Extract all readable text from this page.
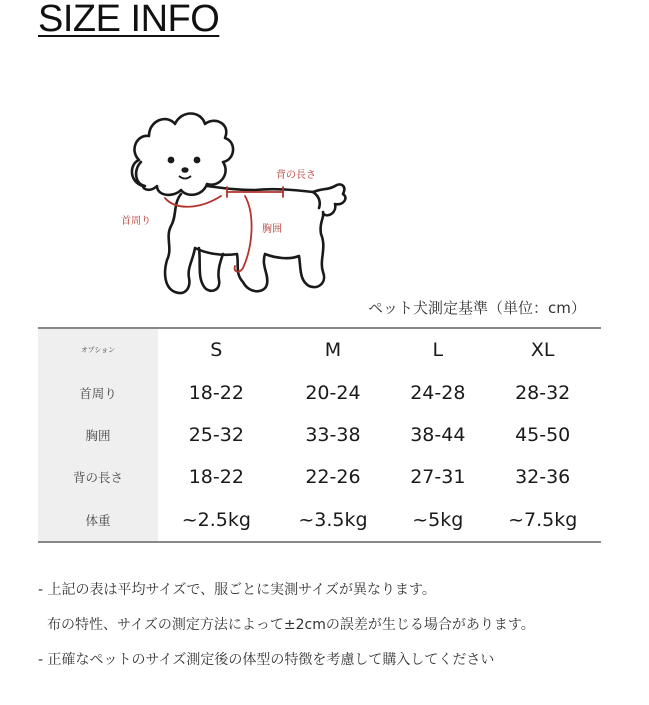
SIZE INFO
首周り
背の長さ
胸囲
ペット犬測定基準（単位：cm）
オプション	S	M	L	XL
首周り	18-22	20-24	24-28	28-32
胸囲	25-32	33-38	38-44	45-50
背の長さ	18-22	22-26	27-31	32-36
体重	~2.5kg	~3.5kg	~5kg	~7.5kg
- 上記の表は平均サイズで、服ごとに実測サイズが異なります。
布の特性、サイズの測定方法によって±2cmの誤差が生じる場合があります。
- 正確なペットのサイズ測定後の体型の特徴を考慮して購入してください
